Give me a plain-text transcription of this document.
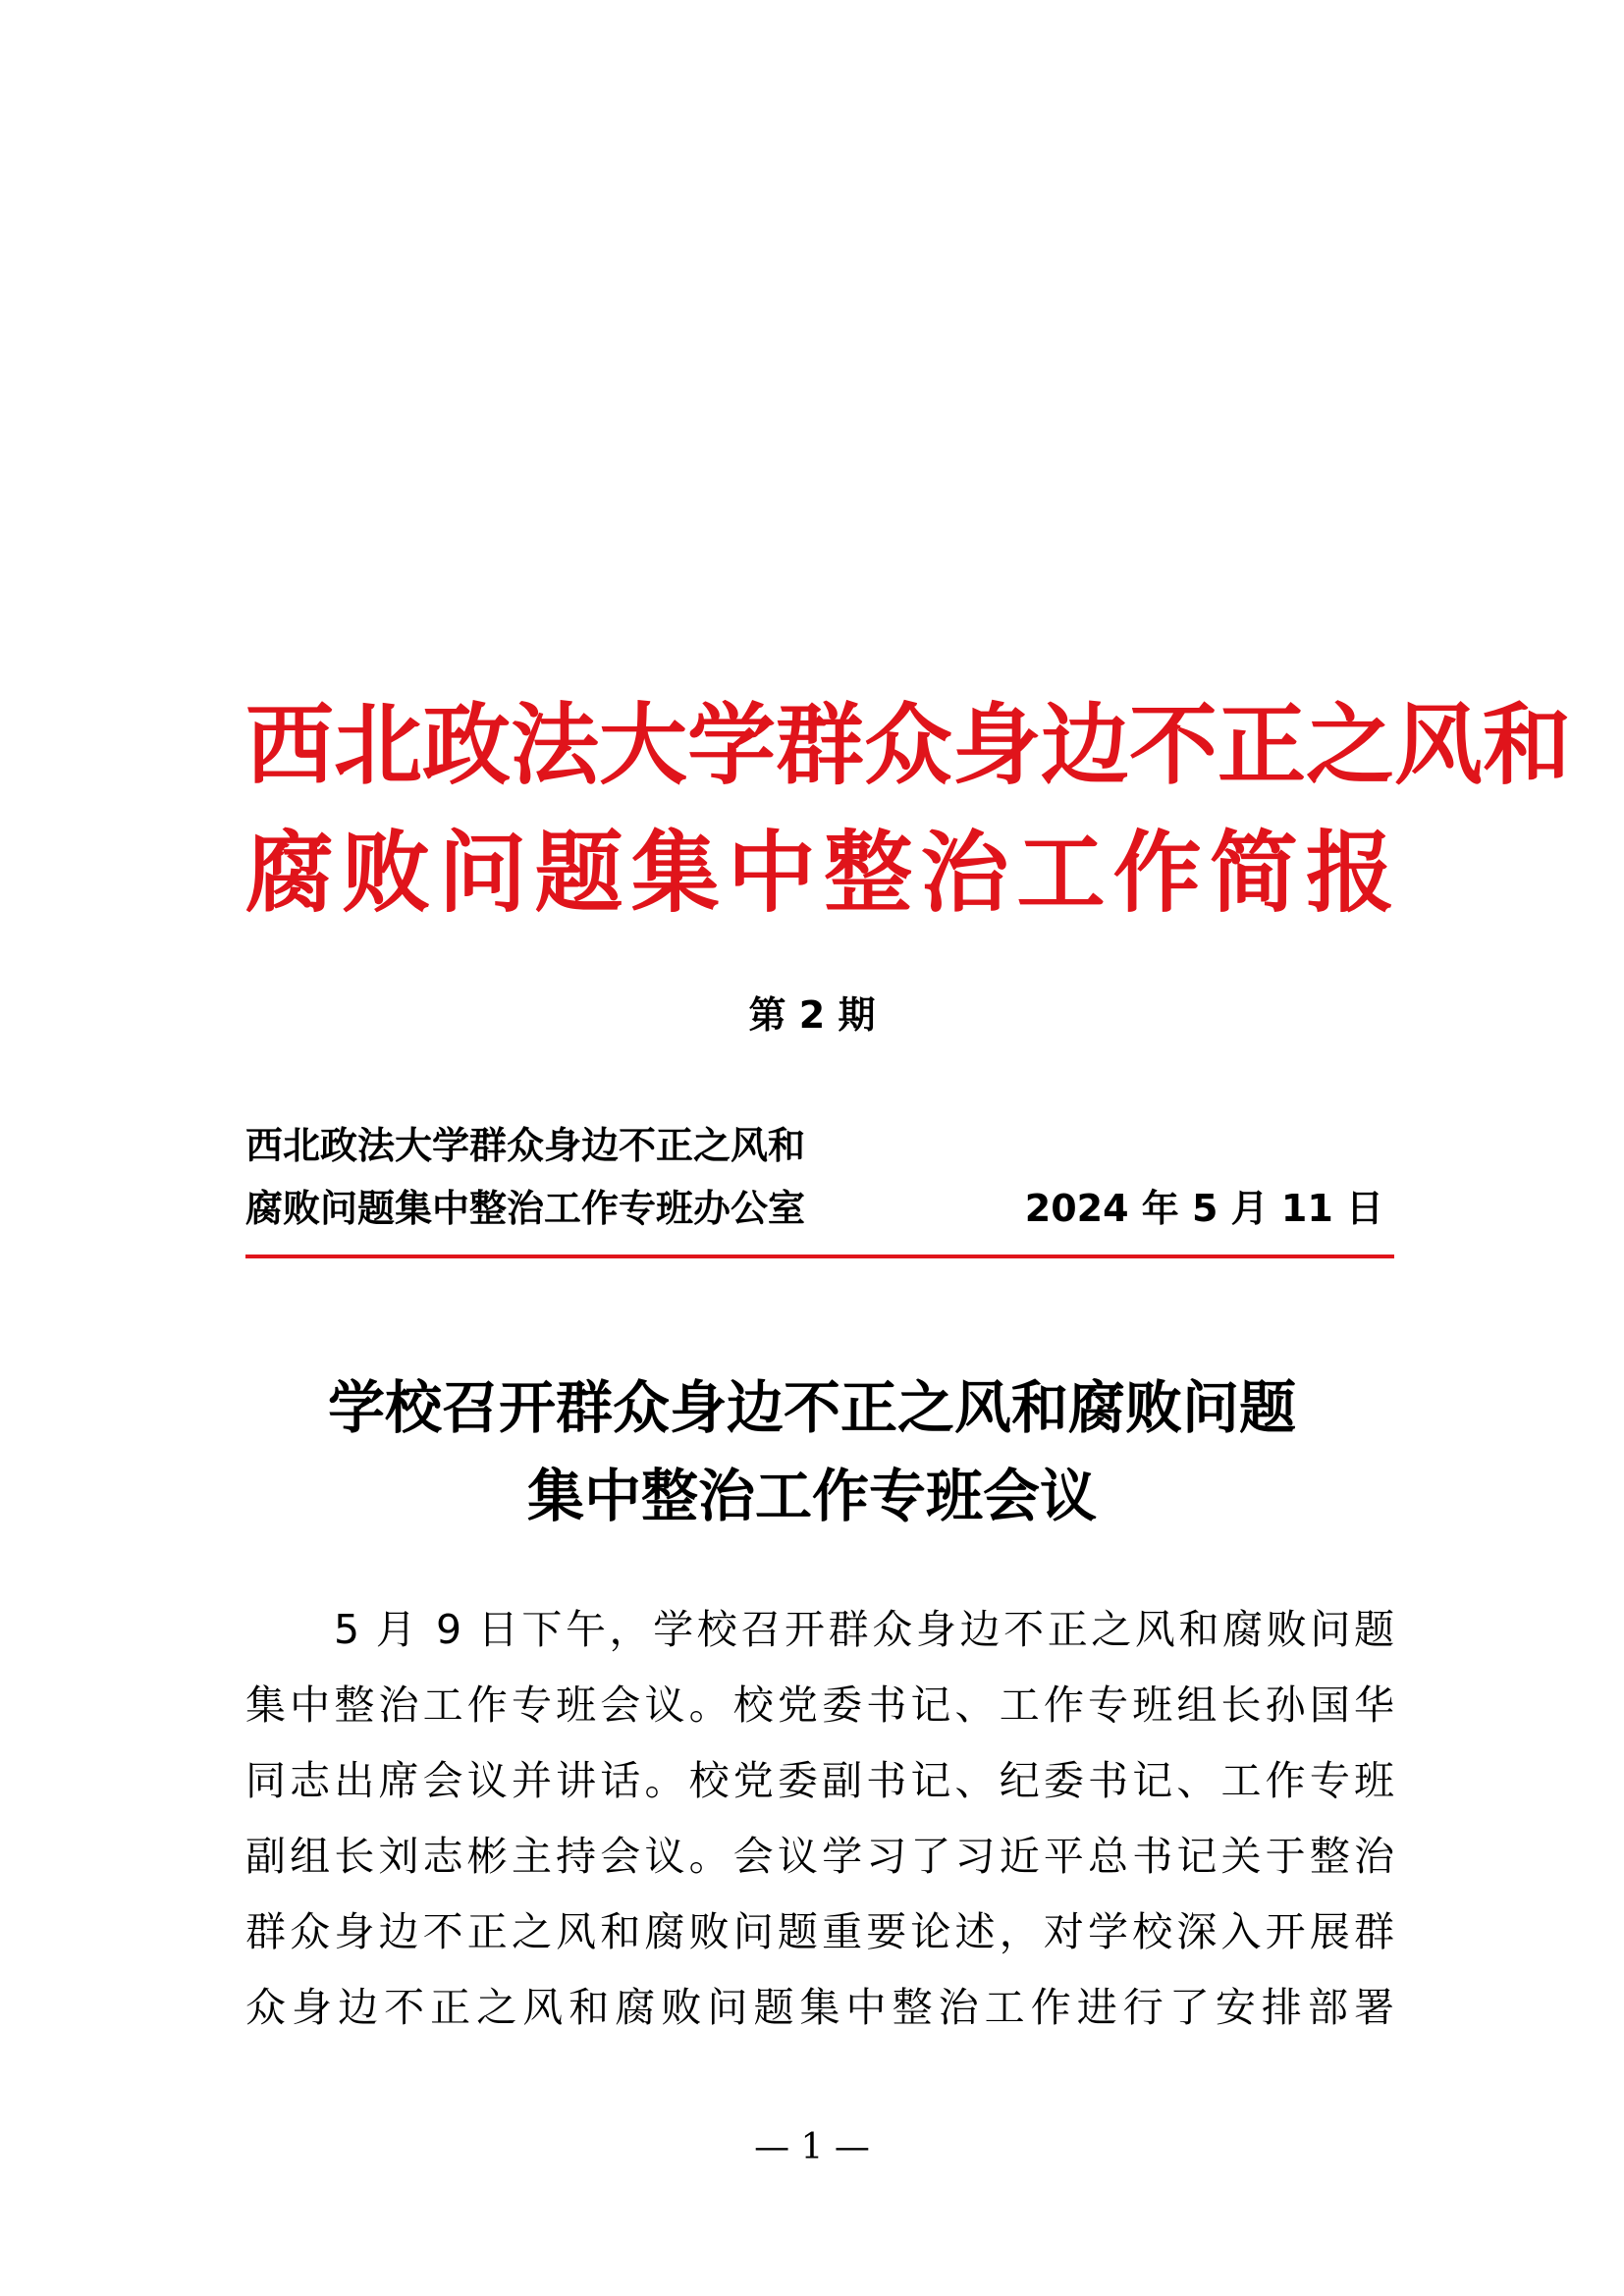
西北政法大学群众身边不正之风和
腐败问题集中整治工作简报
第 2 期
西北政法大学群众身边不正之风和
腐败问题集中整治工作专班办公室	2024 年 5 月 11 日
学校召开群众身边不正之风和腐败问题
集中整治工作专班会议
5 月 9 日下午，学校召开群众身边不正之风和腐败问题
集中整治工作专班会议。校党委书记、工作专班组长孙国华
同志出席会议并讲话。校党委副书记、纪委书记、工作专班
副组长刘志彬主持会议。会议学习了习近平总书记关于整治
群众身边不正之风和腐败问题重要论述，对学校深入开展群
众身边不正之风和腐败问题集中整治工作进行了安排部署
— 1 —
